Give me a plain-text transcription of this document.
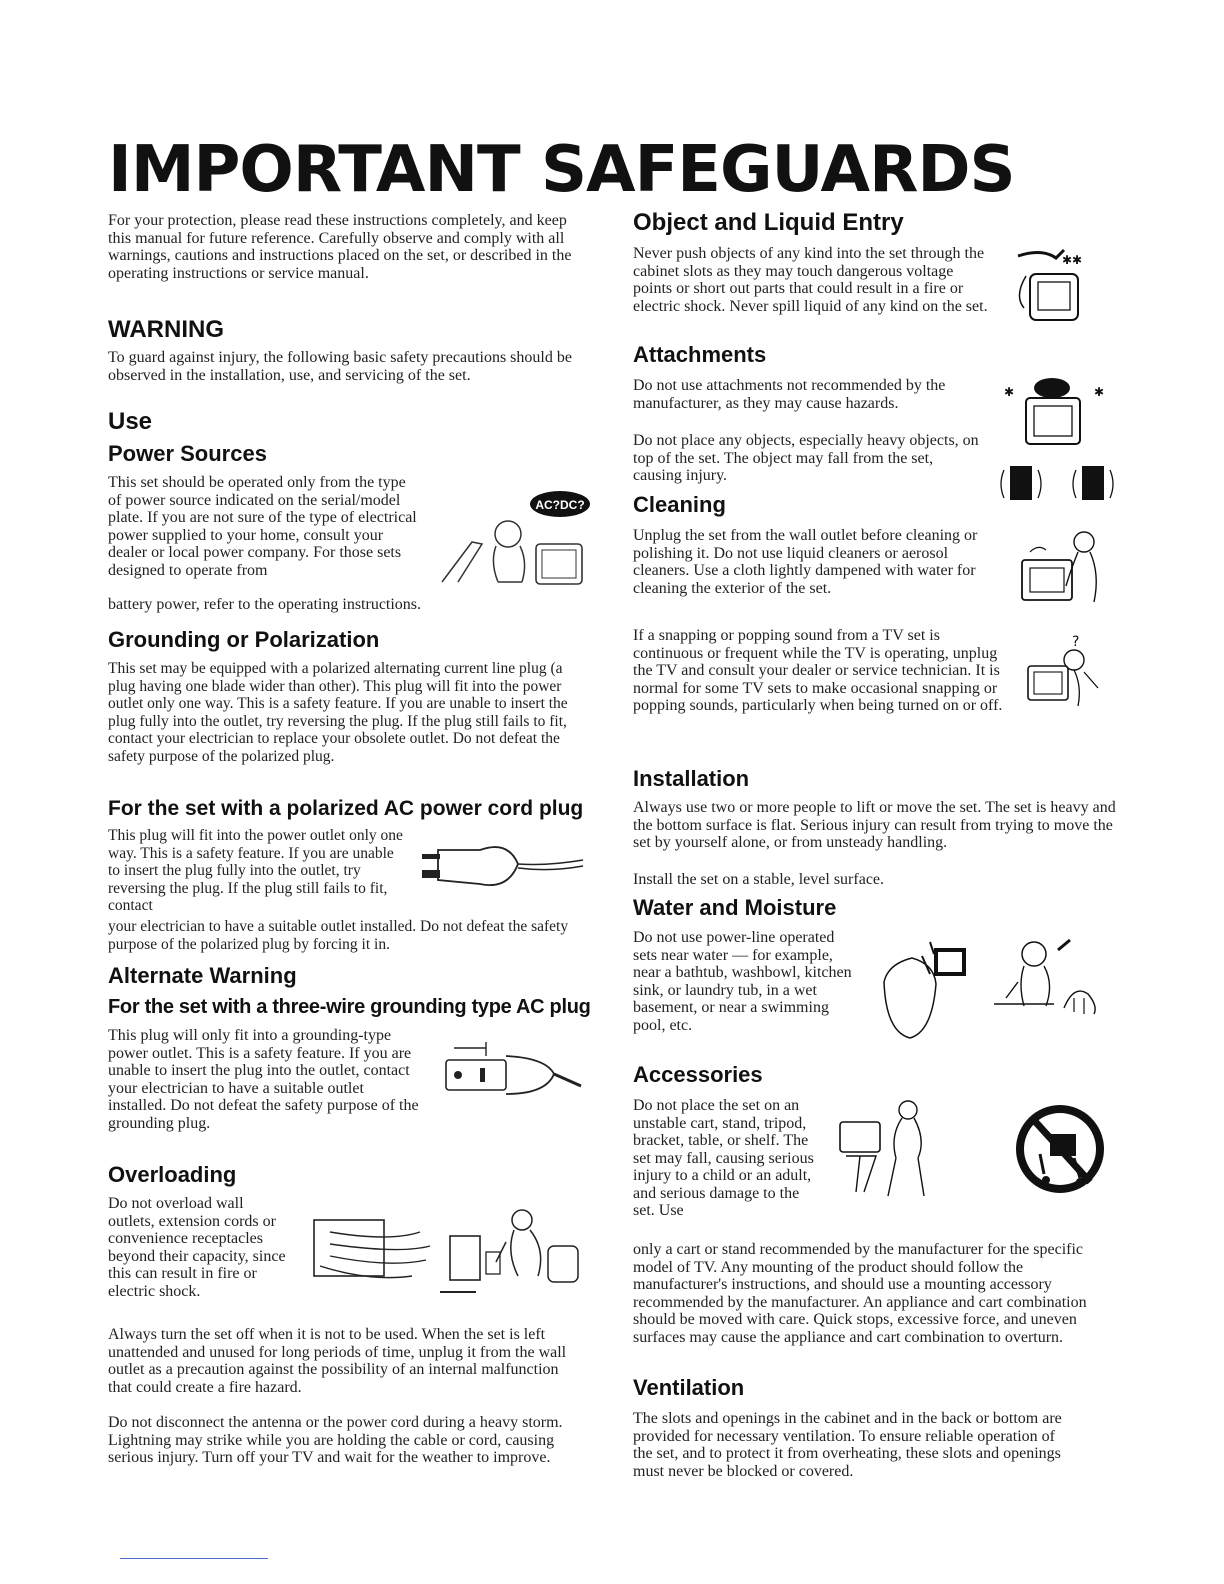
IMPORTANT SAFEGUARDS

For your protection, please read these instructions completely, and keep this manual for future reference. Carefully observe and comply with all warnings, cautions and instructions placed on the set, or described in the operating instructions or service manual.

WARNING

To guard against injury, the following basic safety precautions should be observed in the installation, use, and servicing of the set.

Use
Power Sources

This set should be operated only from the type of power source indicated on the serial/model plate. If you are not sure of the type of electrical power supplied to your home, consult your dealer or local power company. For those sets designed to operate from

battery power, refer to the operating instructions.

AC?DC?
Grounding or Polarization

This set may be equipped with a polarized alternating current line plug (a plug having one blade wider than other). This plug will fit into the power outlet only one way. This is a safety feature. If you are unable to insert the plug fully into the outlet, try reversing the plug. If the plug still fails to fit, contact your electrician to replace your obsolete outlet. Do not defeat the safety purpose of the polarized plug.

For the set with a polarized AC power cord plug

This plug will fit into the power outlet only one way. This is a safety feature. If you are unable to insert the plug fully into the outlet, try reversing the plug. If the plug still fails to fit, contact

your electrician to have a suitable outlet installed. Do not defeat the safety purpose of the polarized plug by forcing it in.

Alternate Warning
For the set with a three-wire grounding type AC plug

This plug will only fit into a grounding-type power outlet. This is a safety feature. If you are unable to insert the plug into the outlet, contact your electrician to have a suitable outlet installed. Do not defeat the safety purpose of the grounding plug.

Overloading

Do not overload wall outlets, extension cords or convenience receptacles beyond their capacity, since this can result in fire or electric shock.

Always turn the set off when it is not to be used. When the set is left unattended and unused for long periods of time, unplug it from the wall outlet as a precaution against the possibility of an internal malfunction that could create a fire hazard.

Do not disconnect the antenna or the power cord during a heavy storm. Lightning may strike while you are holding the cable or cord, causing serious injury. Turn off your TV and wait for the weather to improve.

Object and Liquid Entry

Never push objects of any kind into the set through the cabinet slots as they may touch dangerous voltage points or short out parts that could result in a fire or electric shock. Never spill liquid of any kind on the set.

✱✱
Attachments

Do not use attachments not recommended by the manufacturer, as they may cause hazards.

Do not place any objects, especially heavy objects, on top of the set. The object may fall from the set, causing injury.

✱	✱
Cleaning

Unplug the set from the wall outlet before cleaning or polishing it. Do not use liquid cleaners or aerosol cleaners. Use a cloth lightly dampened with water for cleaning the exterior of the set.

If a snapping or popping sound from a TV set is continuous or frequent while the TV is operating, unplug the TV and consult your dealer or service technician. It is normal for some TV sets to make occasional snapping or popping sounds, particularly when being turned on or off.

?
Installation

Always use two or more people to lift or move the set. The set is heavy and the bottom surface is flat. Serious injury can result from trying to move the set by yourself alone, or from unsteady handling.

Install the set on a stable, level surface.

Water and Moisture

Do not use power-line operated sets near water — for example, near a bathtub, washbowl, kitchen sink, or laundry tub, in a wet basement, or near a swimming pool, etc.

Accessories

Do not place the set on an unstable cart, stand, tripod, bracket, table, or shelf. The set may fall, causing serious injury to a child or an adult, and serious damage to the set. Use

only a cart or stand recommended by the manufacturer for the specific model of TV. Any mounting of the product should follow the manufacturer's instructions, and should use a mounting accessory recommended by the manufacturer. An appliance and cart combination should be moved with care. Quick stops, excessive force, and uneven surfaces may cause the appliance and cart combination to overturn.

Ventilation

The slots and openings in the cabinet and in the back or bottom are provided for necessary ventilation. To ensure reliable operation of the set, and to protect it from overheating, these slots and openings must never be blocked or covered.
